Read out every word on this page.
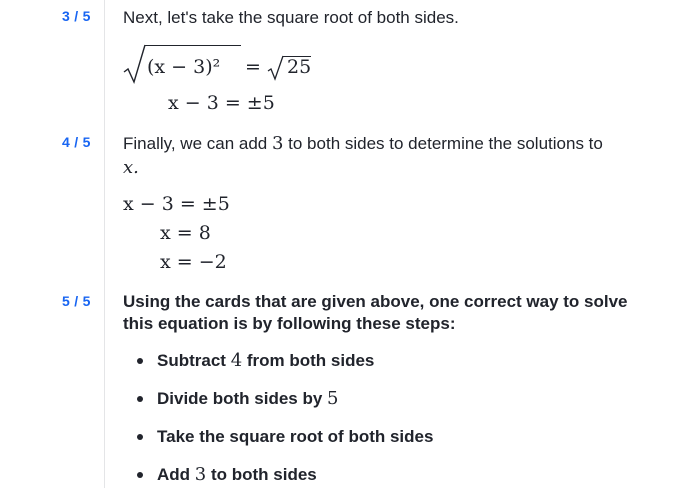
3 / 5	Next, let's take the square root of both sides.
(x − 3)² = 25
x − 3 = ±5
4 / 5	Finally, we can add 3 to both sides to determine the solutions to
x.
x − 3 = ±5
x = 8
x = −2
5 / 5	Using the cards that are given above, one correct way to solve this equation is by following these steps:
Subtract 4 from both sides
Divide both sides by 5
Take the square root of both sides
Add 3 to both sides
